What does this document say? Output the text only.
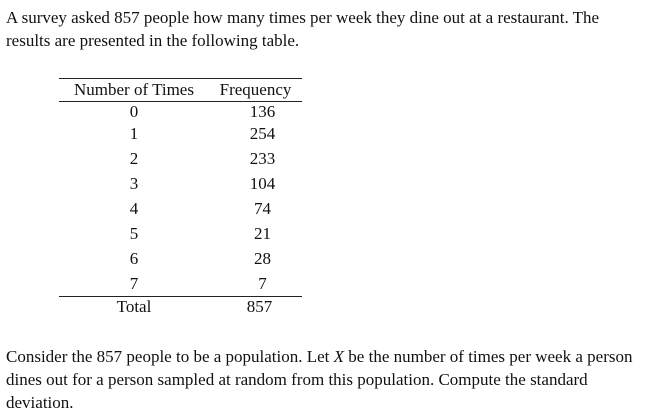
A survey asked 857 people how many times per week they dine out at a restaurant. The results are presented in the following table.

Number of Times	Frequency
0	136
1	254
2	233
3	104
4	74
5	21
6	28
7	7
Total	857

Consider the 857 people to be a population. Let X be the number of times per week a person dines out for a person sampled at random from this population. Compute the standard deviation.
